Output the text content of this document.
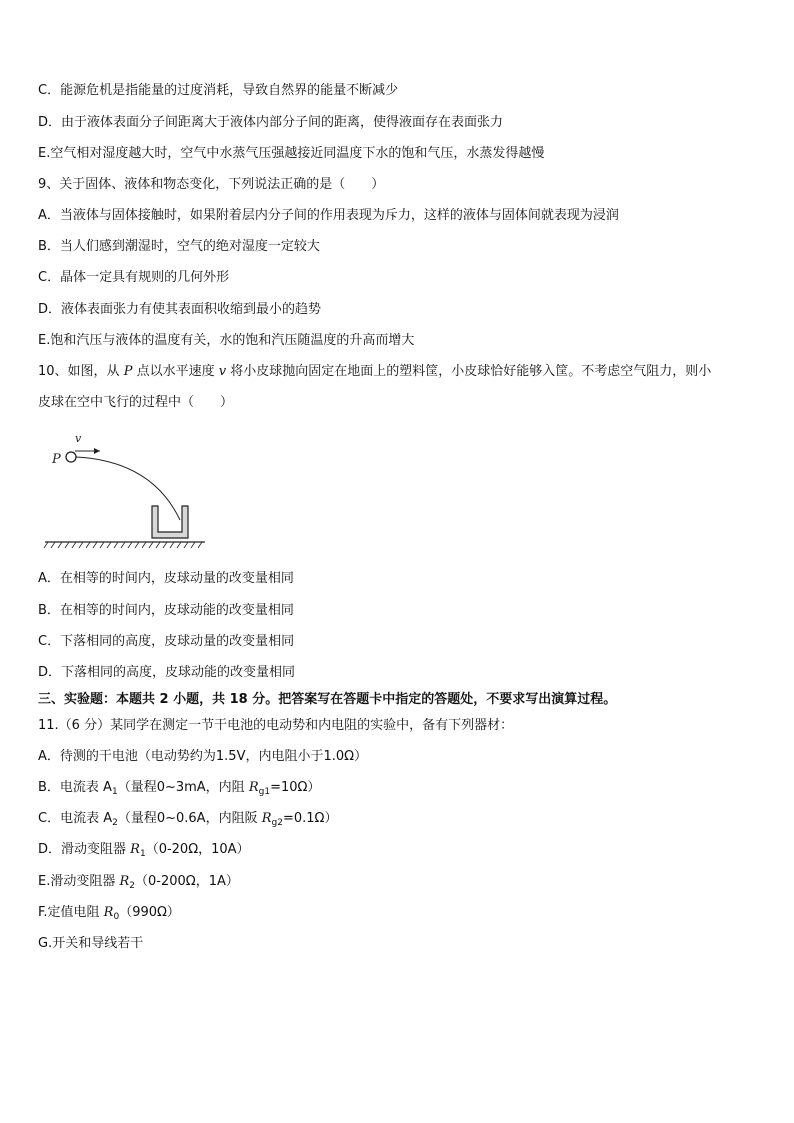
C．能源危机是指能量的过度消耗，导致自然界的能量不断减少
D．由于液体表面分子间距离大于液体内部分子间的距离，使得液面存在表面张力
E.空气相对湿度越大时，空气中水蒸气压强越接近同温度下水的饱和气压，水蒸发得越慢
9、关于固体、液体和物态变化，下列说法正确的是（　　）
A．当液体与固体接触时，如果附着层内分子间的作用表现为斥力，这样的液体与固体间就表现为浸润
B．当人们感到潮湿时，空气的绝对湿度一定较大
C．晶体一定具有规则的几何外形
D．液体表面张力有使其表面积收缩到最小的趋势
E.饱和汽压与液体的温度有关，水的饱和汽压随温度的升高而增大
10、如图，从 P 点以水平速度 v 将小皮球抛向固定在地面上的塑料筐，小皮球恰好能够入筐。不考虑空气阻力，则小
皮球在空中飞行的过程中（　　）
P
v
A．在相等的时间内，皮球动量的改变量相同
B．在相等的时间内，皮球动能的改变量相同
C．下落相同的高度，皮球动量的改变量相同
D．下落相同的高度，皮球动能的改变量相同
三、实验题：本题共 2 小题，共 18 分。把答案写在答题卡中指定的答题处，不要求写出演算过程。
11.（6 分）某同学在测定一节干电池的电动势和内电阻的实验中，备有下列器材：
A．待测的干电池（电动势约为1.5V，内电阻小于1.0Ω）
B．电流表 $A_1$（量程0~3mA，内阻 $R_{g1}=10\Omega$）
C．电流表 $A_2$（量程0~0.6A，内阻阪 $R_{g2}=0.1\Omega$）
D．滑动变阻器 $R_1(0-20\Omega$，10A）
E.滑动变阻器 $R_2(0-200\Omega$，1A）
F.定值电阻 $R_0(990\Omega)$
G.开关和导线若干
